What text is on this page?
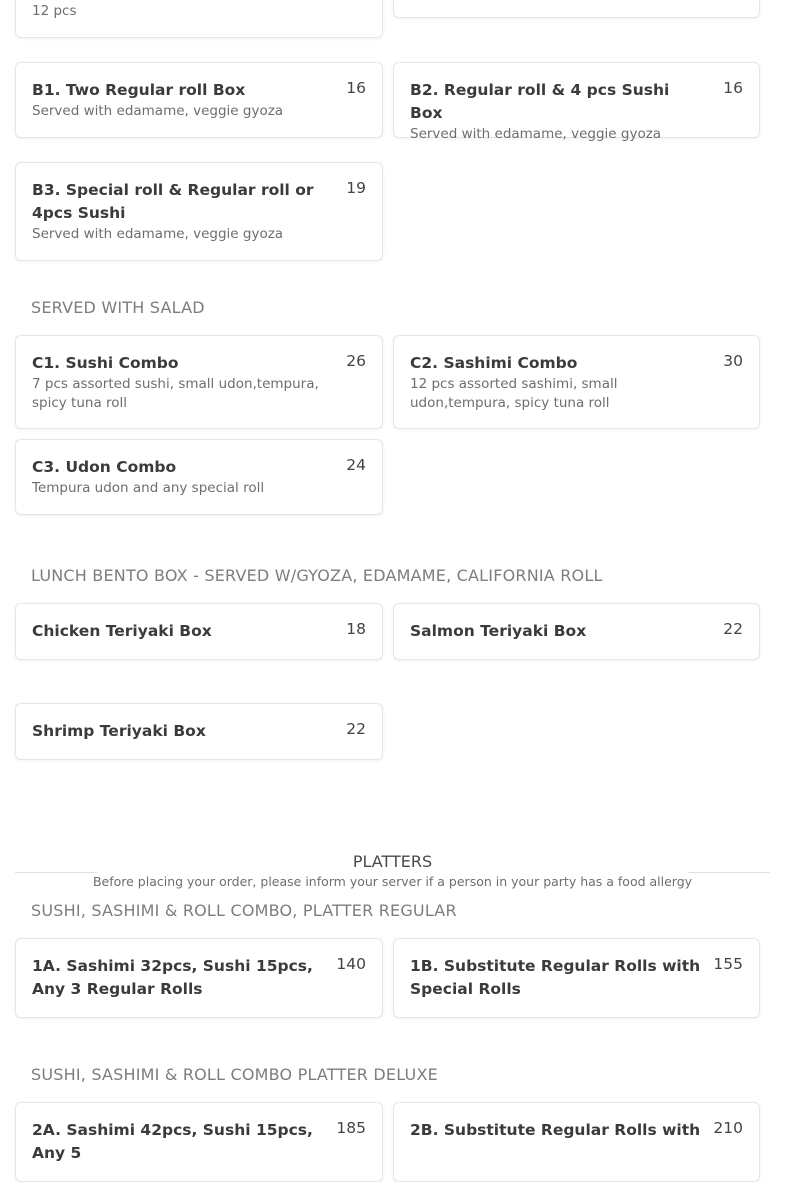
12 pcs
B1. Two Regular roll Box
Served with edamame, veggie gyoza
16	B2. Regular roll & 4 pcs Sushi Box
Served with edamame, veggie gyoza
16
B3. Special roll & Regular roll or 4pcs Sushi
Served with edamame, veggie gyoza
19
SERVED WITH SALAD
C1. Sushi Combo
7 pcs assorted sushi, small udon,tempura, spicy tuna roll
26	C2. Sashimi Combo
12 pcs assorted sashimi, small udon,tempura, spicy tuna roll
30
C3. Udon Combo
Tempura udon and any special roll
24
LUNCH BENTO BOX - SERVED W/GYOZA, EDAMAME, CALIFORNIA ROLL
Chicken Teriyaki Box	18	Salmon Teriyaki Box	22
Shrimp Teriyaki Box	22
PLATTERS
Before placing your order, please inform your server if a person in your party has a food allergy
SUSHI, SASHIMI & ROLL COMBO, PLATTER REGULAR
1A. Sashimi 32pcs, Sushi 15pcs, Any 3 Regular Rolls
140	1B. Substitute Regular Rolls with Special Rolls
155
SUSHI, SASHIMI & ROLL COMBO PLATTER DELUXE
2A. Sashimi 42pcs, Sushi 15pcs, Any 5
185	2B. Substitute Regular Rolls with 210
